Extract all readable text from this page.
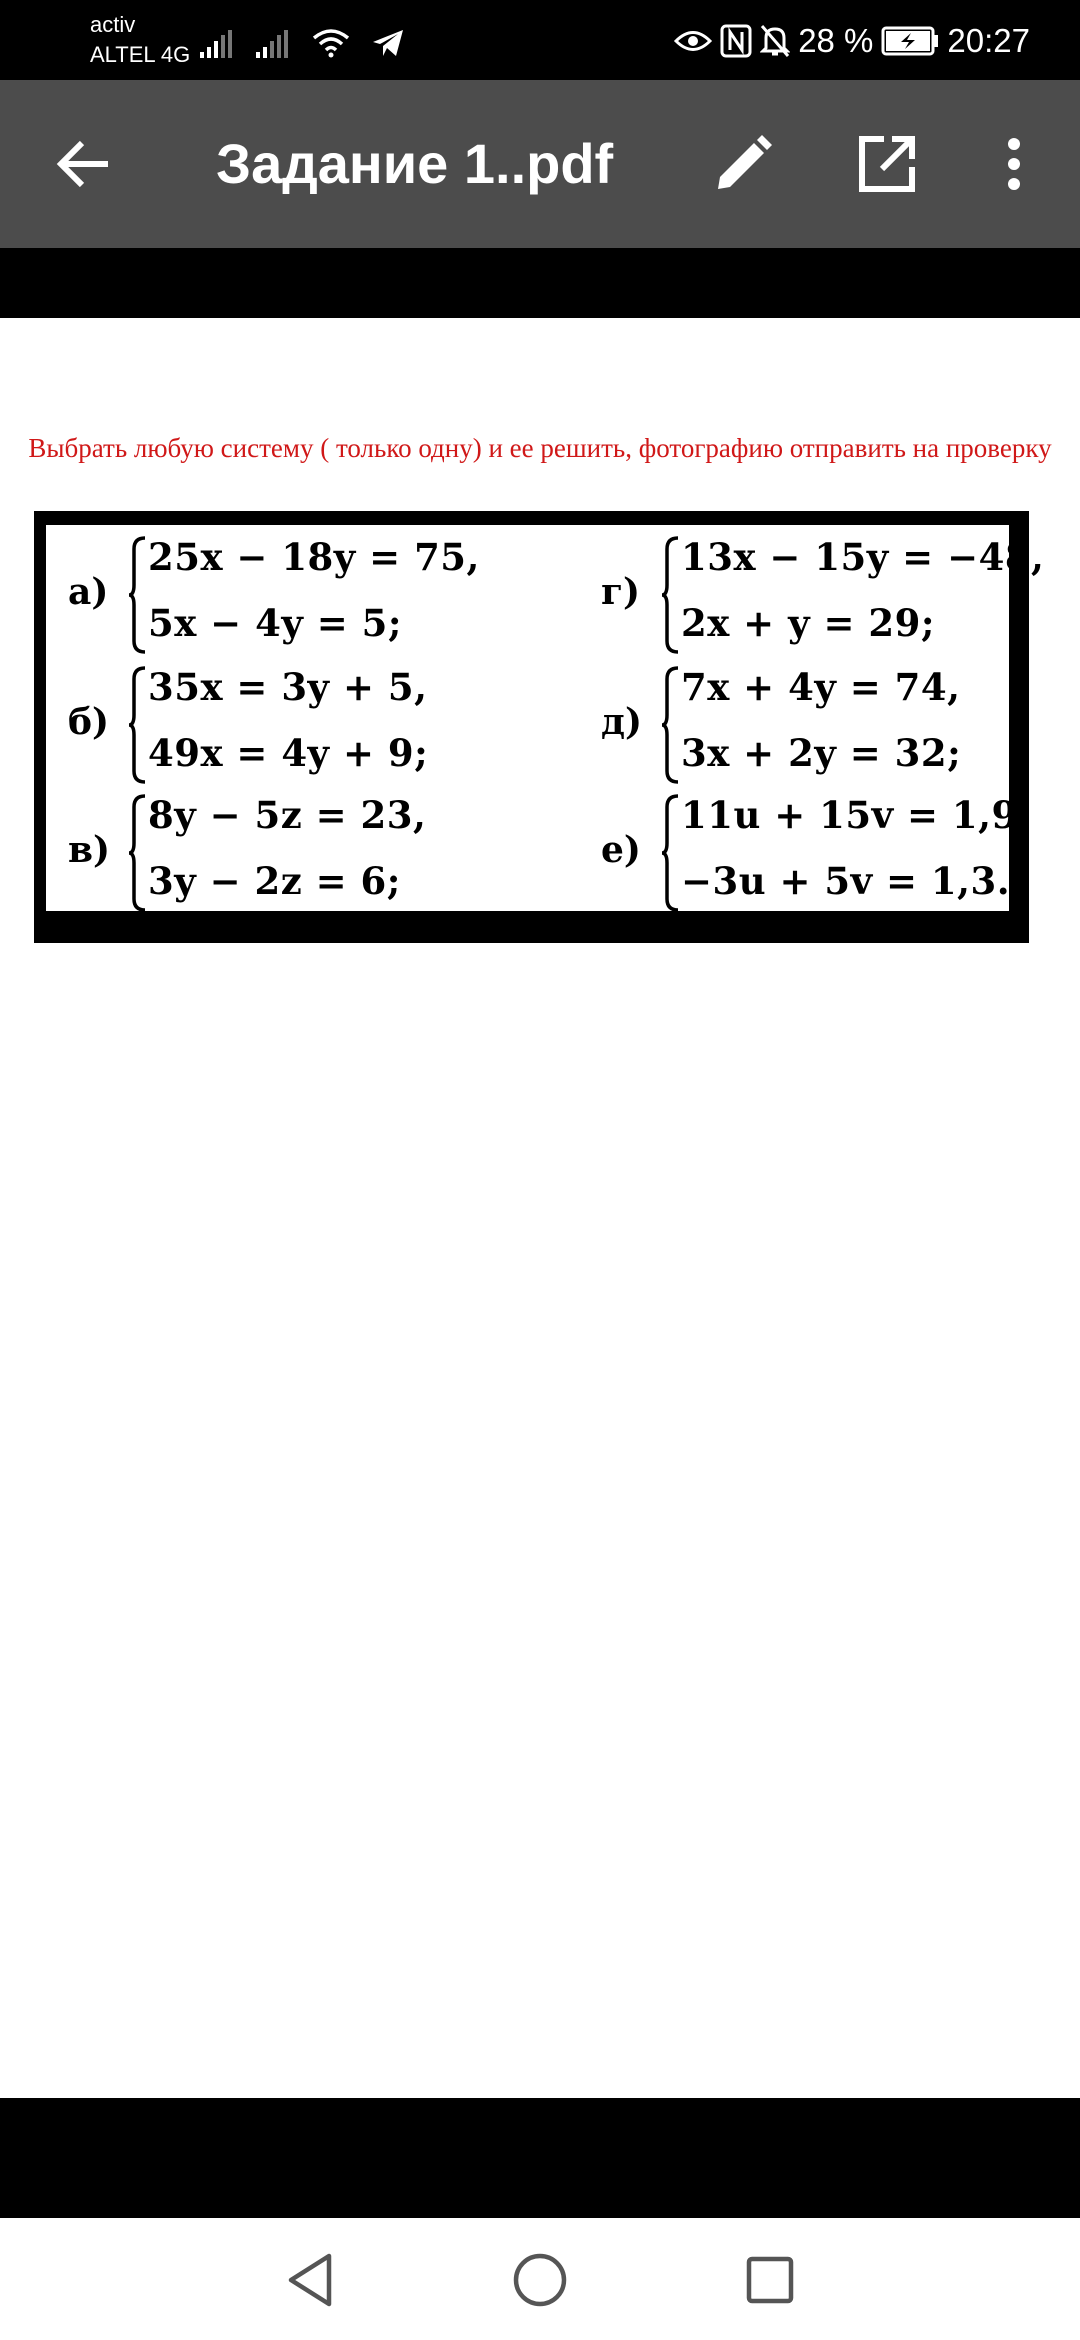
activ
ALTEL 4G	28 % 20:27
Задание 1..pdf
Выбрать любую систему ( только одну) и ее решить, фотографию отправить на проверку
а)
25x − 18y = 75,
5x − 4y = 5;
б)
35x = 3y + 5,
49x = 4y + 9;
в)
8y − 5z = 23,
3y − 2z = 6;
г)
13x − 15y = −48,
2x + y = 29;
д)
7x + 4y = 74,
3x + 2y = 32;
е)
11u + 15v = 1,9,
−3u + 5v = 1,3.
